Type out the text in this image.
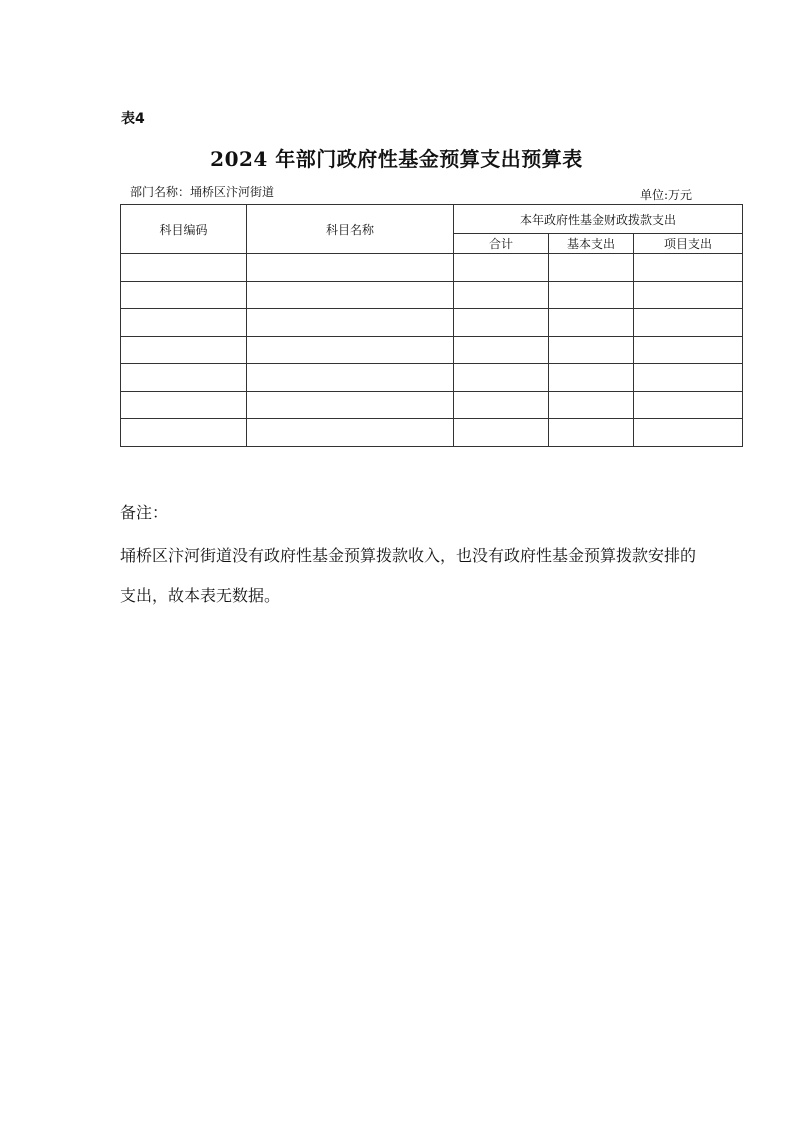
表4
2024 年部门政府性基金预算支出预算表
部门名称：埇桥区汴河街道	单位:万元
科目编码	科目名称	本年政府性基金财政拨款支出		
		合计	基本支出	项目支出

备注：
埇桥区汴河街道没有政府性基金预算拨款收入，也没有政府性基金预算拨款安排的支出，故本表无数据。
